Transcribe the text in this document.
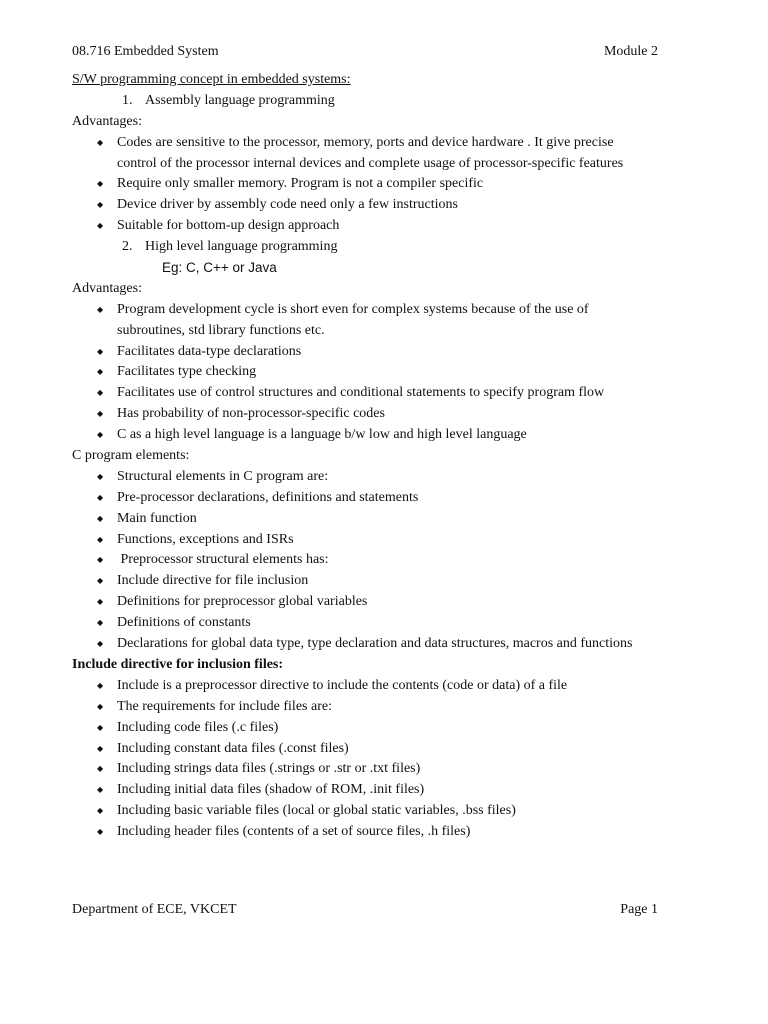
08.716 Embedded System	Module 2
S/W programming concept in embedded systems:
1. Assembly language programming
Advantages:
◆ Codes are sensitive to the processor, memory, ports and device hardware . It give precise
control of the processor internal devices and complete usage of processor-specific features
◆ Require only smaller memory. Program is not a compiler specific
◆ Device driver by assembly code need only a few instructions
◆ Suitable for bottom-up design approach
2. High level language programming
Eg: C, C++ or Java
Advantages:
◆ Program development cycle is short even for complex systems because of the use of
subroutines, std library functions etc.
◆ Facilitates data-type declarations
◆ Facilitates type checking
◆ Facilitates use of control structures and conditional statements to specify program flow
◆ Has probability of non-processor-specific codes
◆ C as a high level language is a language b/w low and high level language
C program elements:
◆ Structural elements in C program are:
◆ Pre-processor declarations, definitions and statements
◆ Main function
◆ Functions, exceptions and ISRs
◆ Preprocessor structural elements has:
◆ Include directive for file inclusion
◆ Definitions for preprocessor global variables
◆ Definitions of constants
◆ Declarations for global data type, type declaration and data structures, macros and functions
Include directive for inclusion files:
◆ Include is a preprocessor directive to include the contents (code or data) of a file
◆ The requirements for include files are:
◆ Including code files (.c files)
◆ Including constant data files (.const files)
◆ Including strings data files (.strings or .str or .txt files)
◆ Including initial data files (shadow of ROM, .init files)
◆ Including basic variable files (local or global static variables, .bss files)
◆ Including header files (contents of a set of source files, .h files)
Department of ECE, VKCET	Page 1
